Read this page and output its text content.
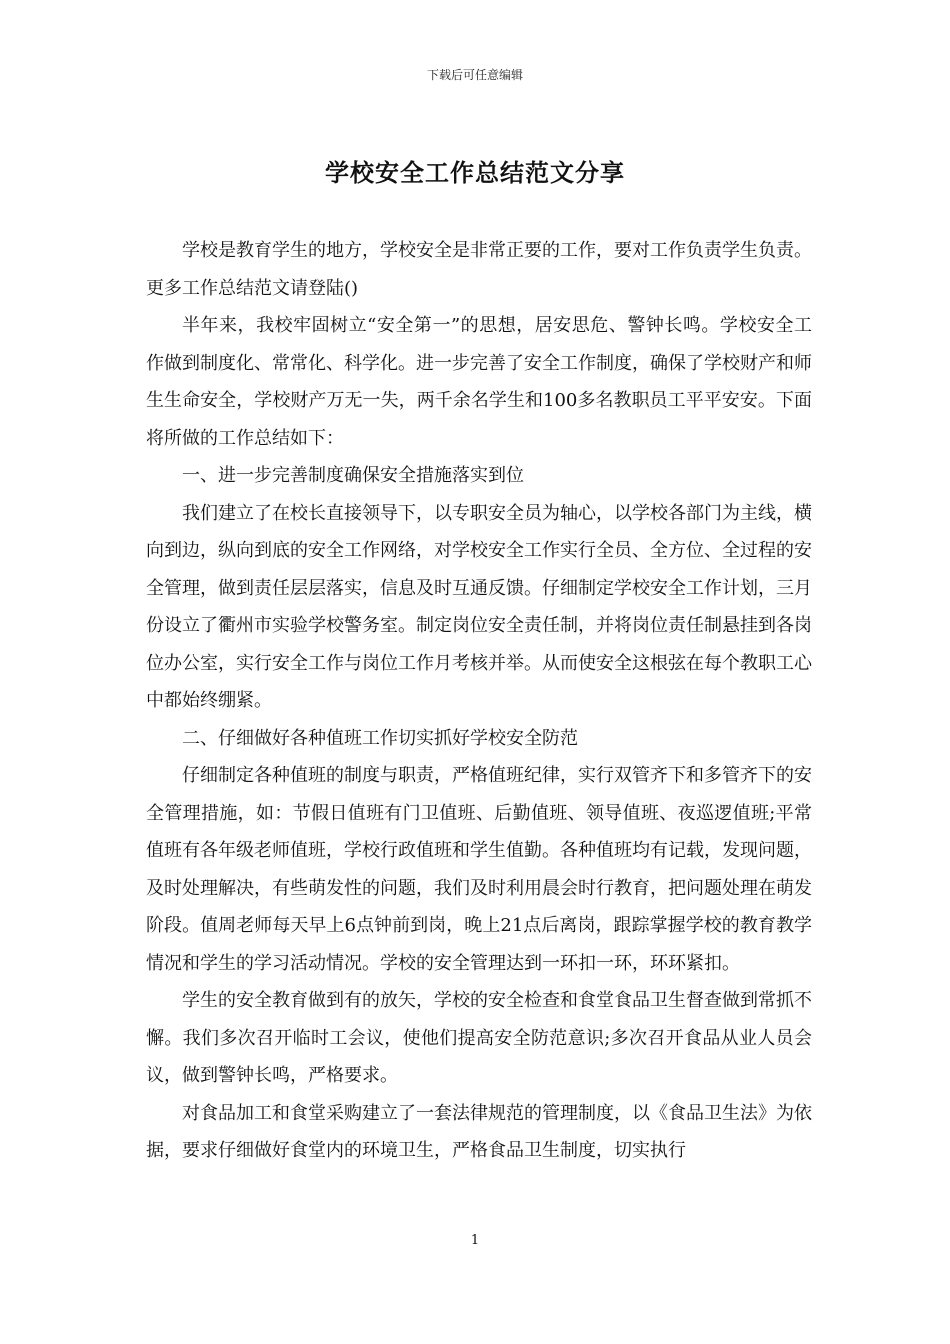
下载后可任意编辑
学校安全工作总结范文分享

学校是教育学生的地方，学校安全是非常正要的工作，要对工作负责学生负责。更多工作总结范文请登陆()

半年来，我校牢固树立“安全第一”的思想，居安思危、警钟长鸣。学校安全工作做到制度化、常常化、科学化。进一步完善了安全工作制度，确保了学校财产和师生生命安全，学校财产万无一失，两千余名学生和100多名教职员工平平安安。下面将所做的工作总结如下：

一、进一步完善制度确保安全措施落实到位

我们建立了在校长直接领导下，以专职安全员为轴心，以学校各部门为主线，横向到边，纵向到底的安全工作网络，对学校安全工作实行全员、全方位、全过程的安全管理，做到责任层层落实，信息及时互通反馈。仔细制定学校安全工作计划，三月份设立了衢州市实验学校警务室。制定岗位安全责任制，并将岗位责任制悬挂到各岗位办公室，实行安全工作与岗位工作月考核并举。从而使安全这根弦在每个教职工心中都始终绷紧。

二、仔细做好各种值班工作切实抓好学校安全防范

仔细制定各种值班的制度与职责，严格值班纪律，实行双管齐下和多管齐下的安全管理措施，如：节假日值班有门卫值班、后勤值班、领导值班、夜巡逻值班;平常值班有各年级老师值班，学校行政值班和学生值勤。各种值班均有记载，发现问题，及时处理解决，有些萌发性的问题，我们及时利用晨会时行教育，把问题处理在萌发阶段。值周老师每天早上6点钟前到岗，晚上21点后离岗，跟踪掌握学校的教育教学情况和学生的学习活动情况。学校的安全管理达到一环扣一环，环环紧扣。

学生的安全教育做到有的放矢，学校的安全检查和食堂食品卫生督查做到常抓不懈。我们多次召开临时工会议，使他们提高安全防范意识;多次召开食品从业人员会议，做到警钟长鸣，严格要求。

对食品加工和食堂采购建立了一套法律规范的管理制度，以《食品卫生法》为依据，要求仔细做好食堂内的环境卫生，严格食品卫生制度，切实执行

1
